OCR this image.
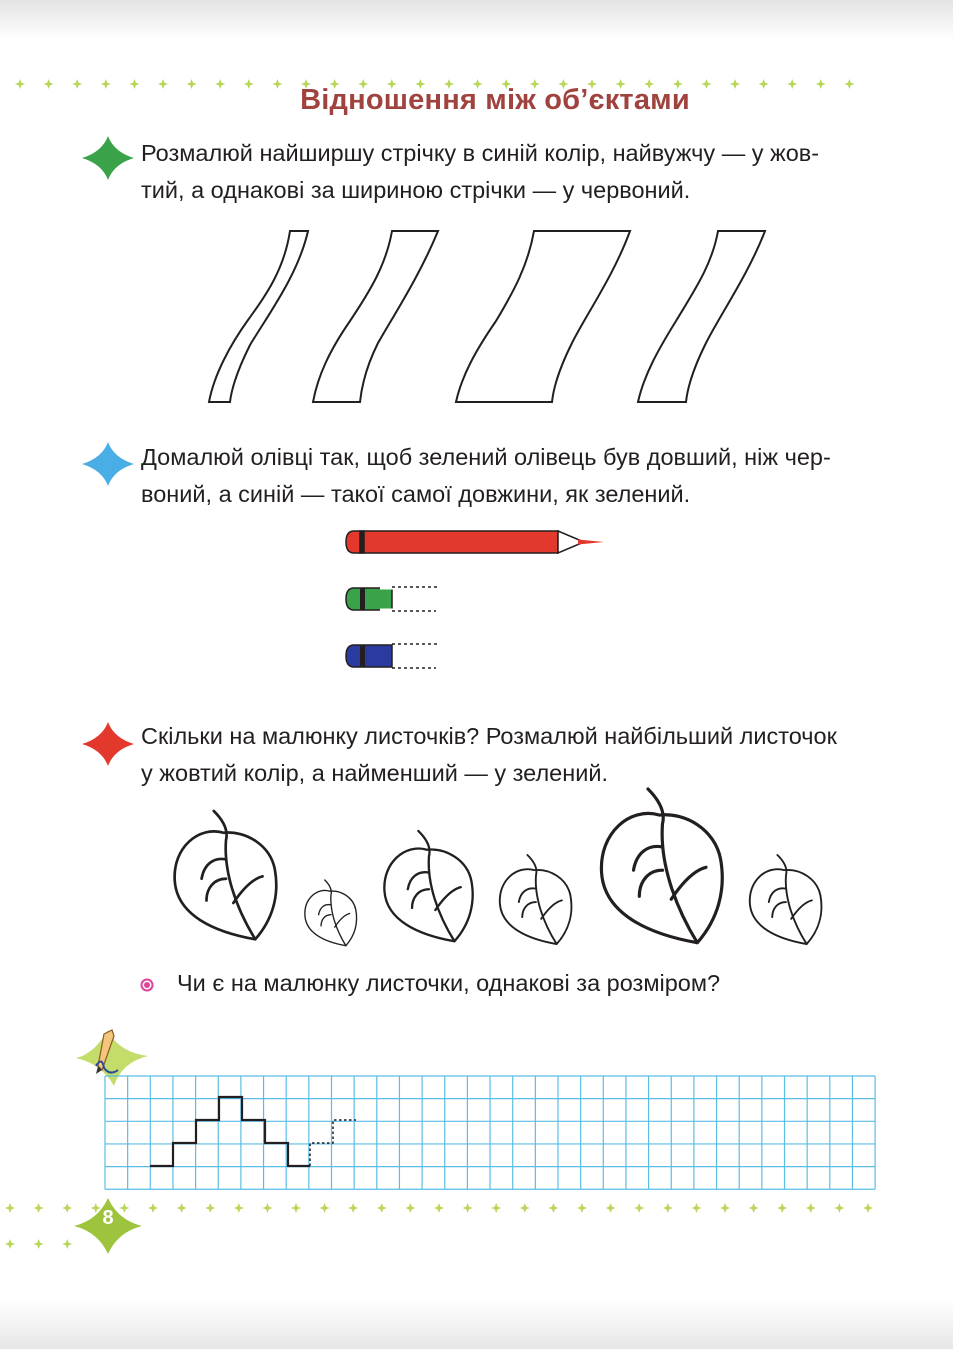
Відношення між об’єктами
Розмалюй найширшу стрічку в синій колір, найвужчу — у жов-
тий, а однакові за шириною стрічки — у червоний.
Домалюй олівці так, щоб зелений олівець був довший, ніж чер-
воний, а синій — такої самої довжини, як зелений.
Скільки на малюнку листочків? Розмалюй найбільший листочок
у жовтий колір, а найменший — у зелений.
Чи є на малюнку листочки, однакові за розміром?
8
